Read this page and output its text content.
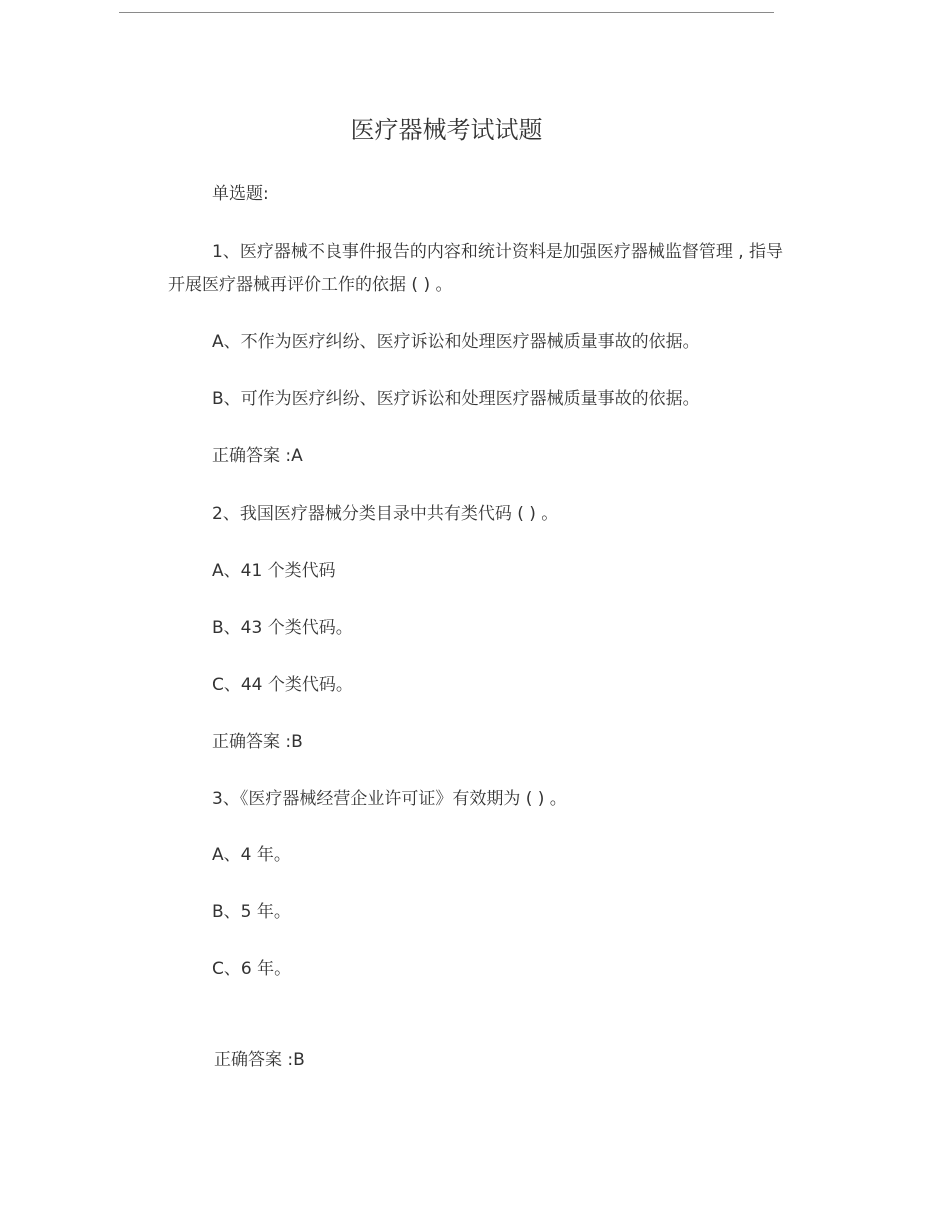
医疗器械考试试题
单选题:
1、医疗器械不良事件报告的内容和统计资料是加强医疗器械监督管理 , 指导
开展医疗器械再评价工作的依据 ( ) 。
A、不作为医疗纠纷、医疗诉讼和处理医疗器械质量事故的依据。
B、可作为医疗纠纷、医疗诉讼和处理医疗器械质量事故的依据。
正确答案 :A
2、我国医疗器械分类目录中共有类代码 ( ) 。
A、41 个类代码
B、43 个类代码。
C、44 个类代码。
正确答案 :B
3、《医疗器械经营企业许可证》有效期为 ( ) 。
A、4 年。
B、5 年。
C、6 年。
正确答案 :B
